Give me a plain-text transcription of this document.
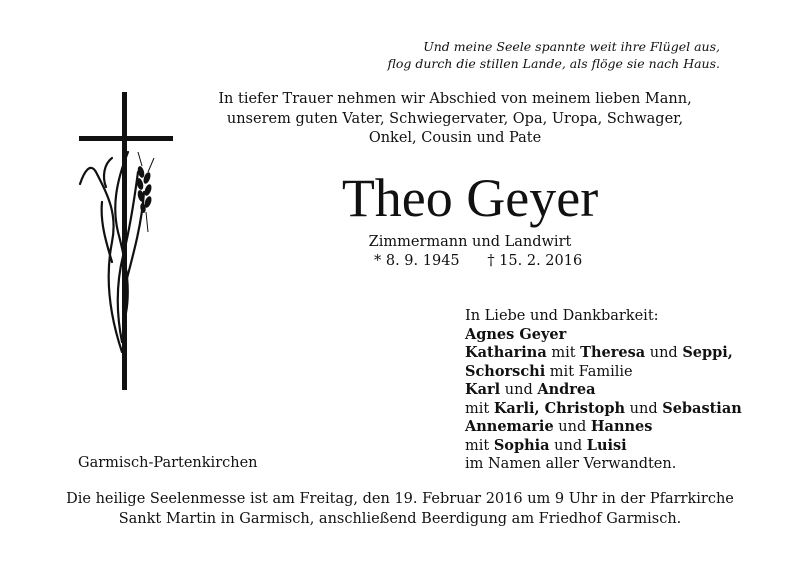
Und meine Seele spannte weit ihre Flügel aus,
flog durch die stillen Lande, als flöge sie nach Haus.
In tiefer Trauer nehmen wir Abschied von meinem lieben Mann,
unserem guten Vater, Schwiegervater, Opa, Uropa, Schwager,
Onkel, Cousin und Pate
Theo Geyer
Zimmermann und Landwirt
* 8. 9. 1945 † 15. 2. 2016
In Liebe und Dankbarkeit:
Agnes Geyer
Katharina mit Theresa und Seppi,
Schorschi mit Familie
Karl und Andrea
mit Karli, Christoph und Sebastian
Annemarie und Hannes
mit Sophia und Luisi
im Namen aller Verwandten.
Garmisch-Partenkirchen
Die heilige Seelenmesse ist am Freitag, den 19. Februar 2016 um 9 Uhr in der Pfarrkirche
Sankt Martin in Garmisch, anschließend Beerdigung am Friedhof Garmisch.
